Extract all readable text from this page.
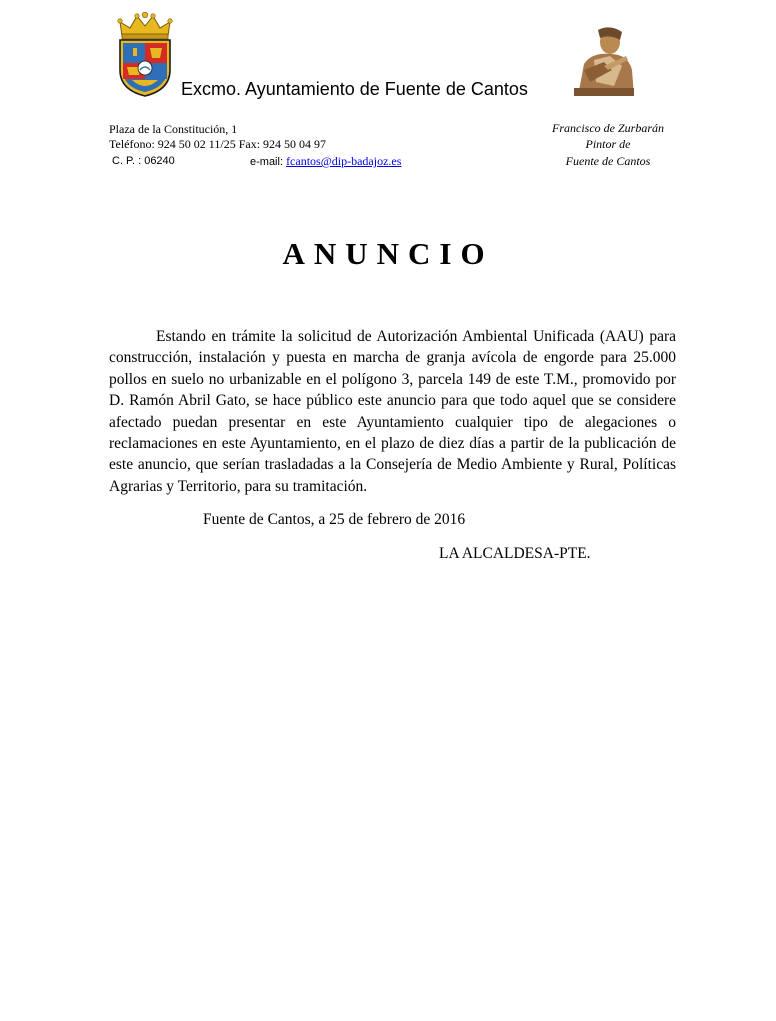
Excmo. Ayuntamiento de Fuente de Cantos
Plaza de la Constitución, 1
Teléfono: 924 50 02 11/25 Fax: 924 50 04 97
C. P. : 06240	e-mail: fcantos@dip-badajoz.es
Francisco de Zurbarán
Pintor de
Fuente de Cantos
ANUNCIO
Estando en trámite la solicitud de Autorización Ambiental Unificada (AAU) para construcción, instalación y puesta en marcha de granja avícola de engorde para 25.000 pollos en suelo no urbanizable en el polígono 3, parcela 149 de este T.M., promovido por D. Ramón Abril Gato, se hace público este anuncio para que todo aquel que se considere afectado puedan presentar en este Ayuntamiento cualquier tipo de alegaciones o reclamaciones en este Ayuntamiento, en el plazo de diez días a partir de la publicación de este anuncio, que serían trasladadas a la Consejería de Medio Ambiente y Rural, Políticas Agrarias y Territorio, para su tramitación.
Fuente de Cantos, a 25 de febrero de 2016
LA ALCALDESA-PTE.
